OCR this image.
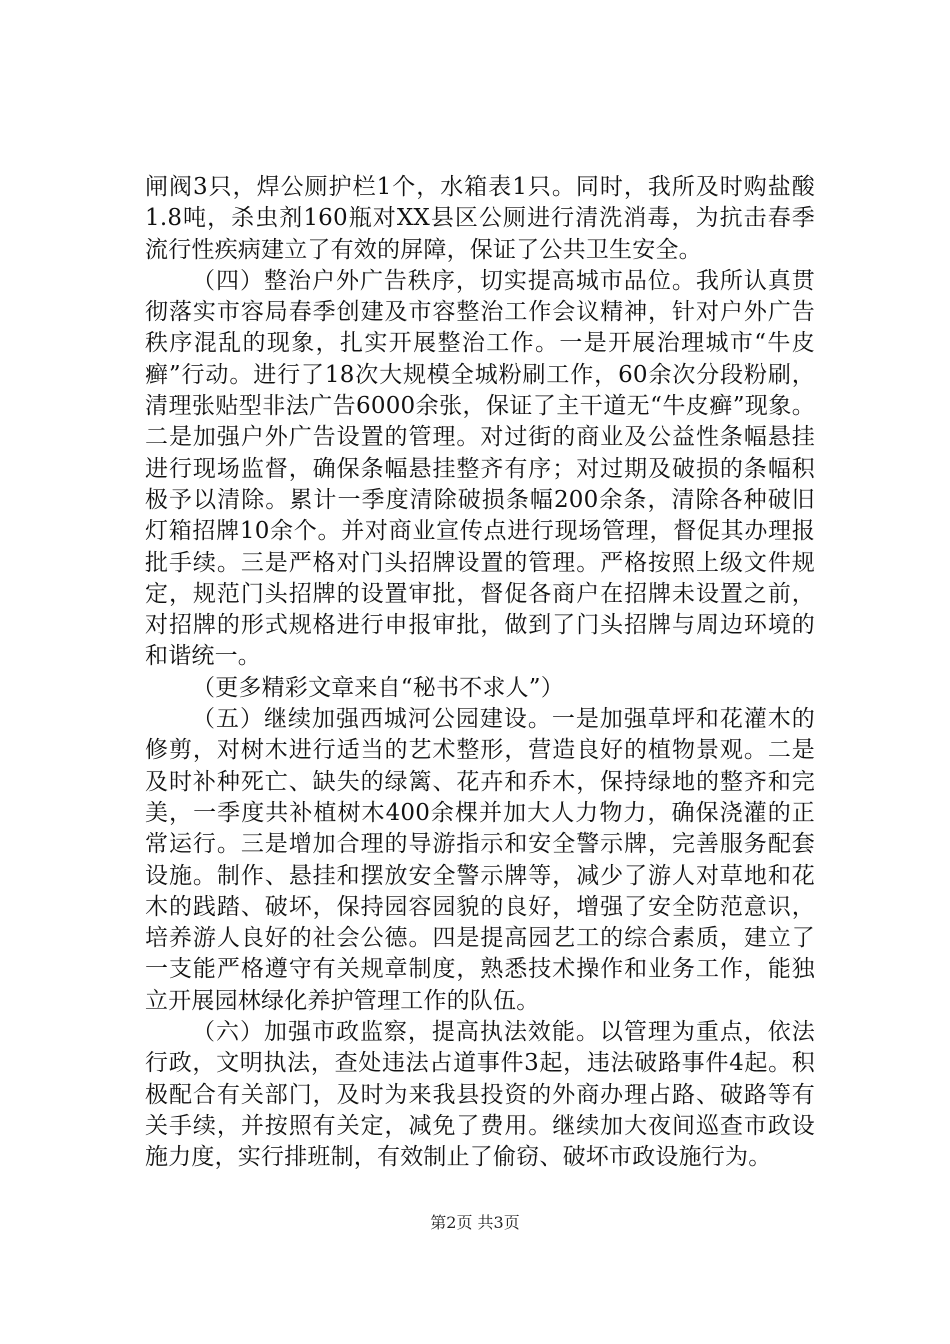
闸阀3只，焊公厕护栏1个，水箱表1只。同时，我所及时购盐酸1.8吨，杀虫剂160瓶对XX县区公厕进行清洗消毒，为抗击春季流行性疾病建立了有效的屏障，保证了公共卫生安全。

（四）整治户外广告秩序，切实提高城市品位。我所认真贯彻落实市容局春季创建及市容整治工作会议精神，针对户外广告秩序混乱的现象，扎实开展整治工作。一是开展治理城市“牛皮癣”行动。进行了18次大规模全城粉刷工作，60余次分段粉刷，清理张贴型非法广告6000余张，保证了主干道无“牛皮癣”现象。二是加强户外广告设置的管理。对过街的商业及公益性条幅悬挂进行现场监督，确保条幅悬挂整齐有序；对过期及破损的条幅积极予以清除。累计一季度清除破损条幅200余条，清除各种破旧灯箱招牌10余个。并对商业宣传点进行现场管理，督促其办理报批手续。三是严格对门头招牌设置的管理。严格按照上级文件规定，规范门头招牌的设置审批，督促各商户在招牌未设置之前，对招牌的形式规格进行申报审批，做到了门头招牌与周边环境的和谐统一。

（更多精彩文章来自“秘书不求人”）

（五）继续加强西城河公园建设。一是加强草坪和花灌木的修剪，对树木进行适当的艺术整形，营造良好的植物景观。二是及时补种死亡、缺失的绿篱、花卉和乔木，保持绿地的整齐和完美，一季度共补植树木400余棵并加大人力物力，确保浇灌的正常运行。三是增加合理的导游指示和安全警示牌，完善服务配套设施。制作、悬挂和摆放安全警示牌等，减少了游人对草地和花木的践踏、破坏，保持园容园貌的良好，增强了安全防范意识，培养游人良好的社会公德。四是提高园艺工的综合素质，建立了一支能严格遵守有关规章制度，熟悉技术操作和业务工作，能独立开展园林绿化养护管理工作的队伍。

（六）加强市政监察，提高执法效能。以管理为重点，依法行政，文明执法，查处违法占道事件3起，违法破路事件4起。积极配合有关部门，及时为来我县投资的外商办理占路、破路等有关手续，并按照有关定，减免了费用。继续加大夜间巡查市政设施力度，实行排班制，有效制止了偷窃、破坏市政设施行为。

第2页 共3页
